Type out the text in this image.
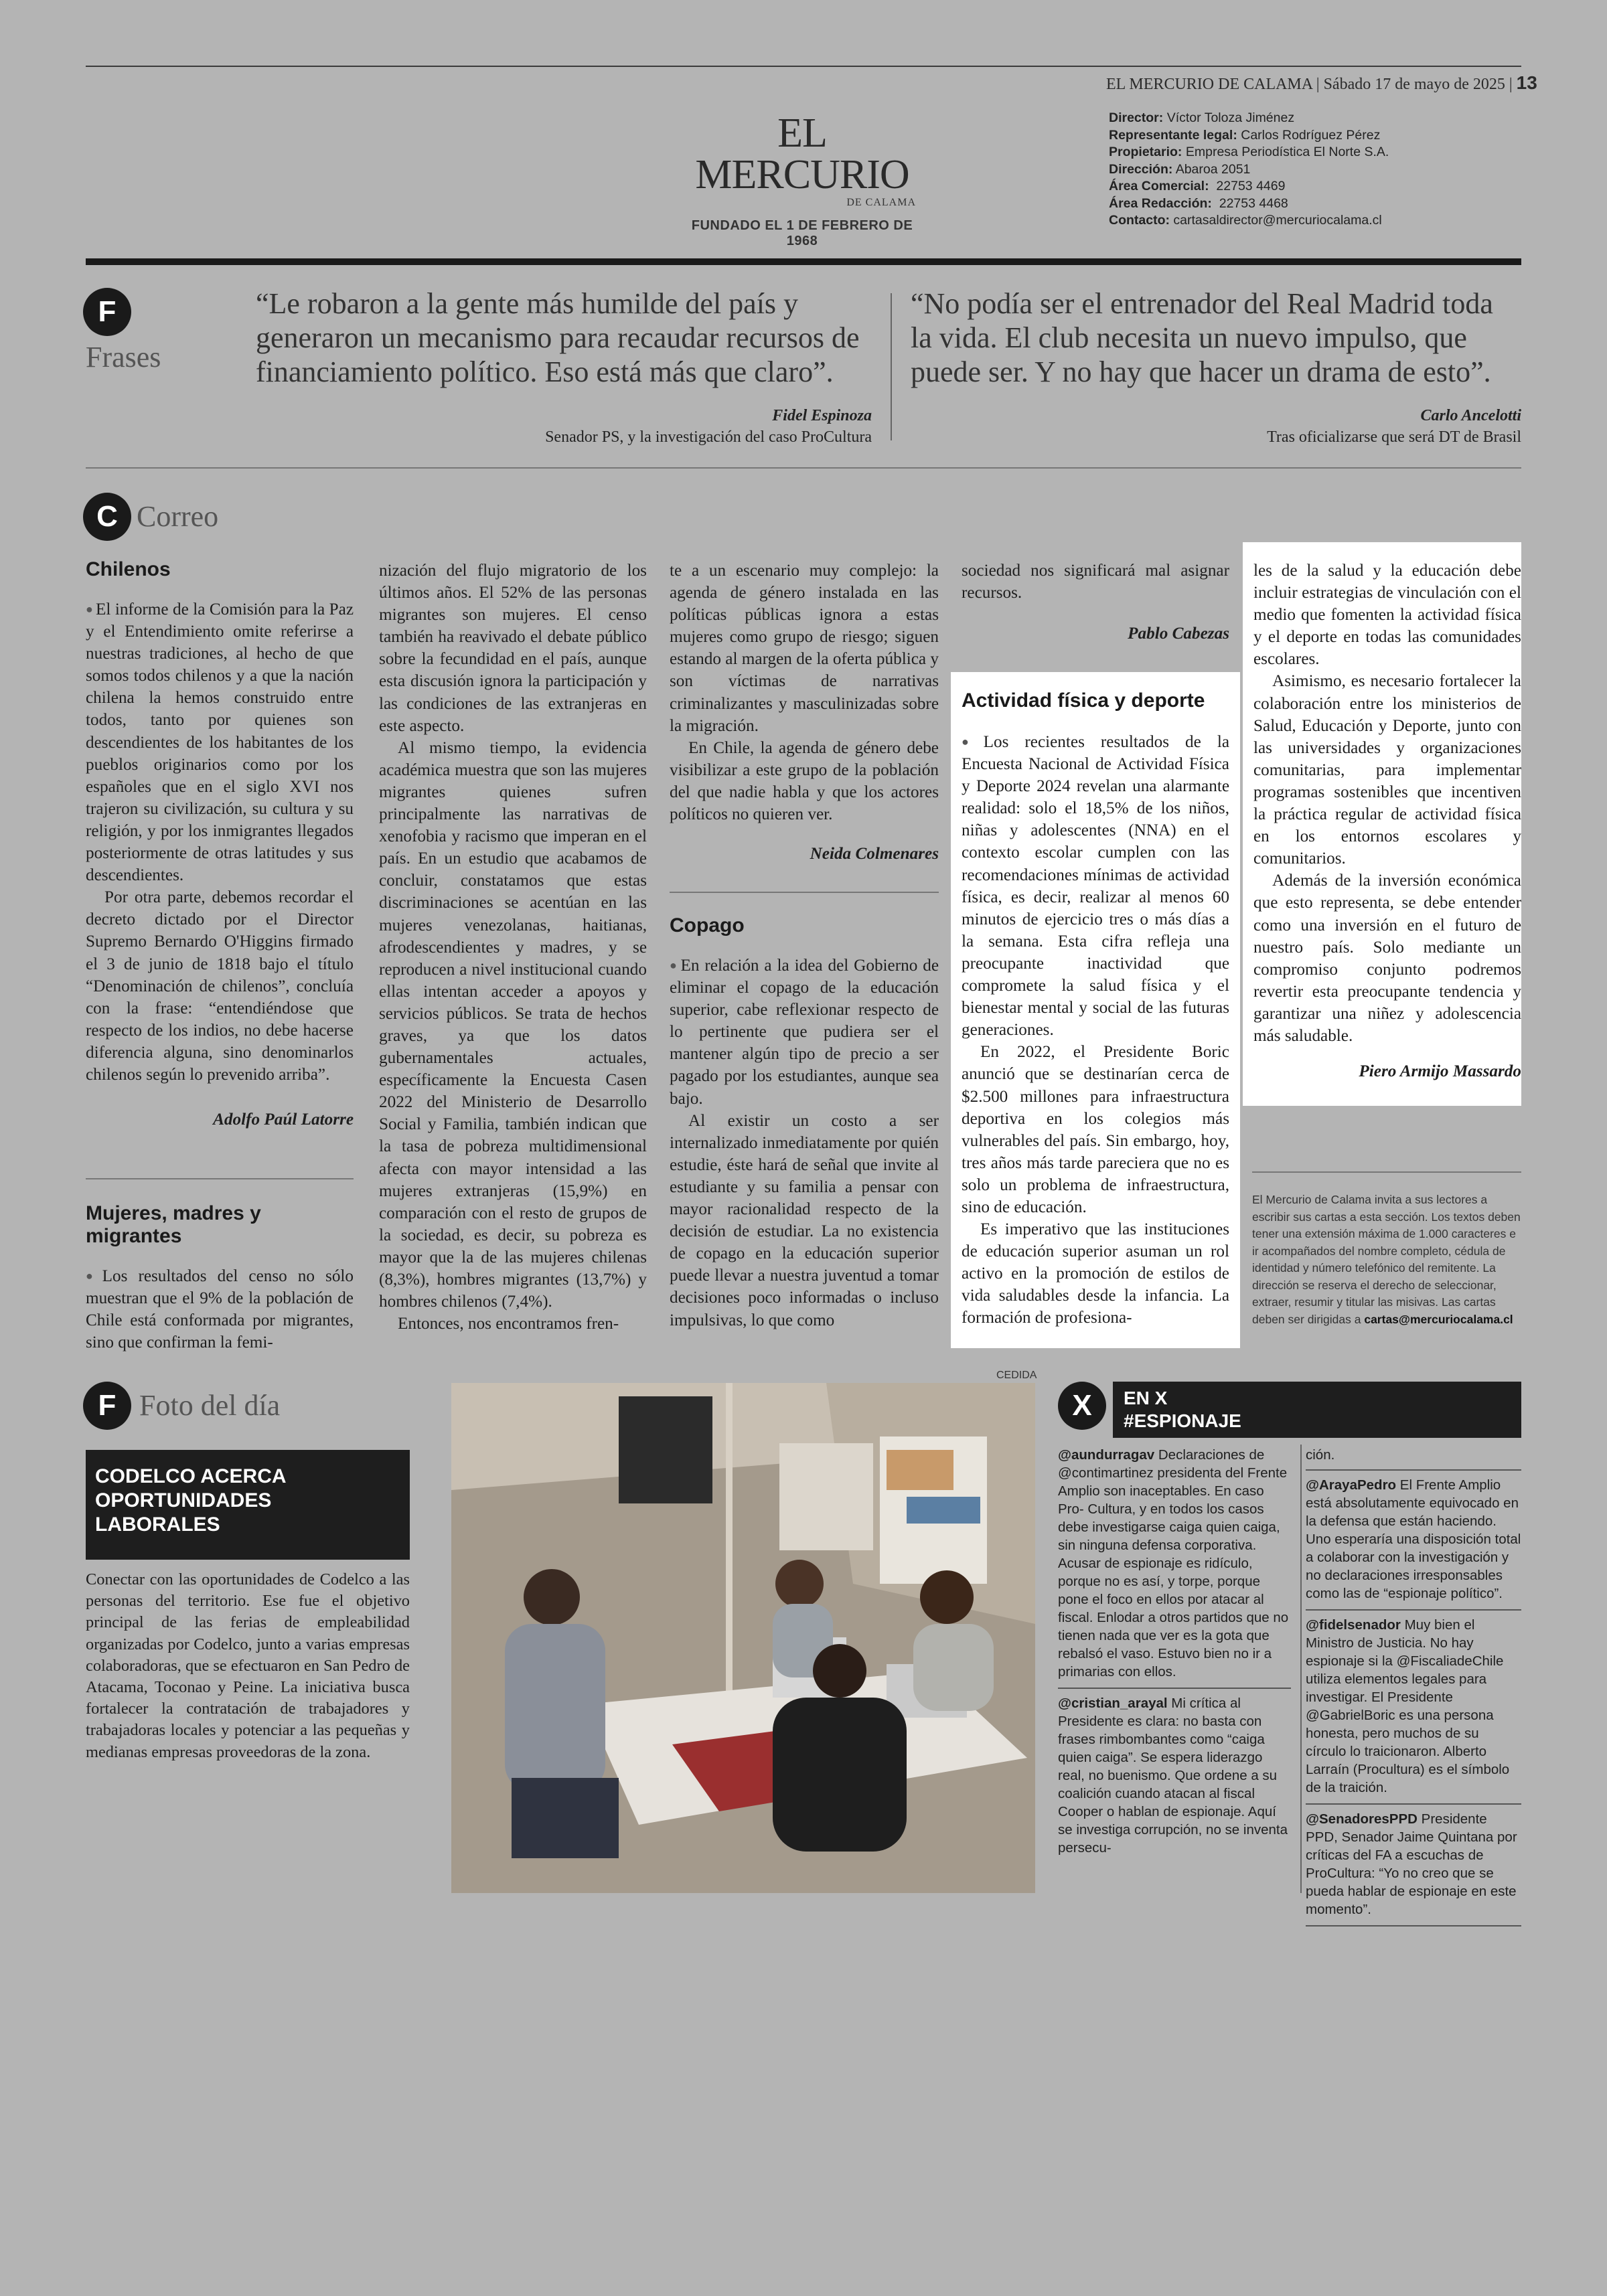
EL MERCURIO DE CALAMA | Sábado 17 de mayo de 2025 | 13
EL MERCURIO
DE CALAMA
FUNDADO EL 1 DE FEBRERO DE 1968
Director: Víctor Toloza Jiménez
Representante legal: Carlos Rodríguez Pérez
Propietario: Empresa Periodística El Norte S.A.
Dirección: Abaroa 2051
Área Comercial: 22753 4469
Área Redacción: 22753 4468
Contacto: cartasaldirector@mercuriocalama.cl
F
Frases
“Le robaron a la gente más humilde del país y generaron un mecanismo para recaudar recursos de financiamiento político. Eso está más que claro”.
Fidel Espinoza
Senador PS, y la investigación del caso ProCultura
“No podía ser el entrenador del Real Madrid toda la vida. El club necesita un nuevo impulso, que puede ser. Y no hay que hacer un drama de esto”.
Carlo Ancelotti
Tras oficializarse que será DT de Brasil
C Correo
Chilenos

● El informe de la Comisión para la Paz y el Entendimiento omite referirse a nuestras tradiciones, al hecho de que somos todos chilenos y a que la nación chilena la hemos construido entre todos, tanto por quienes son descendientes de los habitantes de los pueblos originarios como por los españoles que en el siglo XVI nos trajeron su civilización, su cultura y su religión, y por los inmigrantes llegados posteriormente de otras latitudes y sus descendientes.

Por otra parte, debemos recordar el decreto dictado por el Director Supremo Bernardo O'Higgins firmado el 3 de junio de 1818 bajo el título “Denominación de chilenos”, concluía con la frase: “entendiéndose que respecto de los indios, no debe hacerse diferencia alguna, sino denominarlos chilenos según lo prevenido arriba”.

Adolfo Paúl Latorre

Mujeres, madres y migrantes

● Los resultados del censo no sólo muestran que el 9% de la población de Chile está conformada por migrantes, sino que confirman la femi-

nización del flujo migratorio de los últimos años. El 52% de las personas migrantes son mujeres. El censo también ha reavivado el debate público sobre la fecundidad en el país, aunque esta discusión ignora la participación y las condiciones de las extranjeras en este aspecto.

Al mismo tiempo, la evidencia académica muestra que son las mujeres migrantes quienes sufren principalmente las narrativas de xenofobia y racismo que imperan en el país. En un estudio que acabamos de concluir, constatamos que estas discriminaciones se acentúan en las mujeres venezolanas, haitianas, afrodescendientes y madres, y se reproducen a nivel institucional cuando ellas intentan acceder a apoyos y servicios públicos. Se trata de hechos graves, ya que los datos gubernamentales actuales, específicamente la Encuesta Casen 2022 del Ministerio de Desarrollo Social y Familia, también indican que la tasa de pobreza multidimensional afecta con mayor intensidad a las mujeres extranjeras (15,9%) en comparación con el resto de grupos de la sociedad, es decir, su pobreza es mayor que la de las mujeres chilenas (8,3%), hombres migrantes (13,7%) y hombres chilenos (7,4%).

Entonces, nos encontramos fren-

te a un escenario muy complejo: la agenda de género instalada en las políticas públicas ignora a estas mujeres como grupo de riesgo; siguen estando al margen de la oferta pública y son víctimas de narrativas criminalizantes y masculinizadas sobre la migración.

En Chile, la agenda de género debe visibilizar a este grupo de la población del que nadie habla y que los actores políticos no quieren ver.

Neida Colmenares

Copago

● En relación a la idea del Gobierno de eliminar el copago de la educación superior, cabe reflexionar respecto de lo pertinente que pudiera ser el mantener algún tipo de precio a ser pagado por los estudiantes, aunque sea bajo.

Al existir un costo a ser internalizado inmediatamente por quién estudie, éste hará de señal que invite al estudiante y su familia a pensar con mayor racionalidad respecto de la decisión de estudiar. La no existencia de copago en la educación superior puede llevar a nuestra juventud a tomar decisiones poco informadas o incluso impulsivas, lo que como

sociedad nos significará mal asignar recursos.

Pablo Cabezas

Actividad física y deporte

● Los recientes resultados de la Encuesta Nacional de Actividad Física y Deporte 2024 revelan una alarmante realidad: solo el 18,5% de los niños, niñas y adolescentes (NNA) en el contexto escolar cumplen con las recomendaciones mínimas de actividad física, es decir, realizar al menos 60 minutos de ejercicio tres o más días a la semana. Esta cifra refleja una preocupante inactividad que compromete la salud física y el bienestar mental y social de las futuras generaciones.

En 2022, el Presidente Boric anunció que se destinarían cerca de $2.500 millones para infraestructura deportiva en los colegios más vulnerables del país. Sin embargo, hoy, tres años más tarde pareciera que no es solo un problema de infraestructura, sino de educación.

Es imperativo que las instituciones de educación superior asuman un rol activo en la promoción de estilos de vida saludables desde la infancia. La formación de profesiona-

les de la salud y la educación debe incluir estrategias de vinculación con el medio que fomenten la actividad física y el deporte en todas las comunidades escolares.

Asimismo, es necesario fortalecer la colaboración entre los ministerios de Salud, Educación y Deporte, junto con las universidades y organizaciones comunitarias, para implementar programas sostenibles que incentiven la práctica regular de actividad física en los entornos escolares y comunitarios.

Además de la inversión económica que esto representa, se debe entender como una inversión en el futuro de nuestro país. Solo mediante un compromiso conjunto podremos revertir esta preocupante tendencia y garantizar una niñez y adolescencia más saludable.

Piero Armijo Massardo

El Mercurio de Calama invita a sus lectores a escribir sus cartas a esta sección. Los textos deben tener una extensión máxima de 1.000 caracteres e ir acompañados del nombre completo, cédula de identidad y número telefónico del remitente. La dirección se reserva el derecho de seleccionar, extraer, resumir y titular las misivas. Las cartas deben ser dirigidas a cartas@mercuriocalama.cl
F Foto del día
CODELCO ACERCA OPORTUNIDADES LABORALES
Conectar con las oportunidades de Codelco a las personas del territorio. Ese fue el objetivo principal de las ferias de empleabilidad organizadas por Codelco, junto a varias empresas colaboradoras, que se efectuaron en San Pedro de Atacama, Toconao y Peine. La iniciativa busca fortalecer la contratación de trabajadores y trabajadoras locales y potenciar a las pequeñas y medianas empresas proveedoras de la zona.
CEDIDA
X	EN X
#ESPIONAJE
@aundurragav Declaraciones de @contimartinez presidenta del Frente Amplio son inaceptables. En caso Pro- Cultura, y en todos los casos debe investigarse caiga quien caiga, sin ninguna defensa corporativa. Acusar de espionaje es ridículo, porque no es así, y torpe, porque pone el foco en ellos por atacar al fiscal. Enlodar a otros partidos que no tienen nada que ver es la gota que rebalsó el vaso. Estuvo bien no ir a primarias con ellos.
@cristian_arayal Mi crítica al Presidente es clara: no basta con frases rimbombantes como “caiga quien caiga”. Se espera liderazgo real, no buenismo. Que ordene a su coalición cuando atacan al fiscal Cooper o hablan de espionaje. Aquí se investiga corrupción, no se inventa persecu-
ción.
@ArayaPedro El Frente Amplio está absolutamente equivocado en la defensa que están haciendo. Uno esperaría una disposición total a colaborar con la investigación y no declaraciones irresponsables como las de “espionaje político”.
@fidelsenador Muy bien el Ministro de Justicia. No hay espionaje si la @FiscaliadeChile utiliza elementos legales para investigar. El Presidente @GabrielBoric es una persona honesta, pero muchos de su círculo lo traicionaron. Alberto Larraín (Procultura) es el símbolo de la traición.
@SenadoresPPD Presidente PPD, Senador Jaime Quintana por críticas del FA a escuchas de ProCultura: “Yo no creo que se pueda hablar de espionaje en este momento”.
